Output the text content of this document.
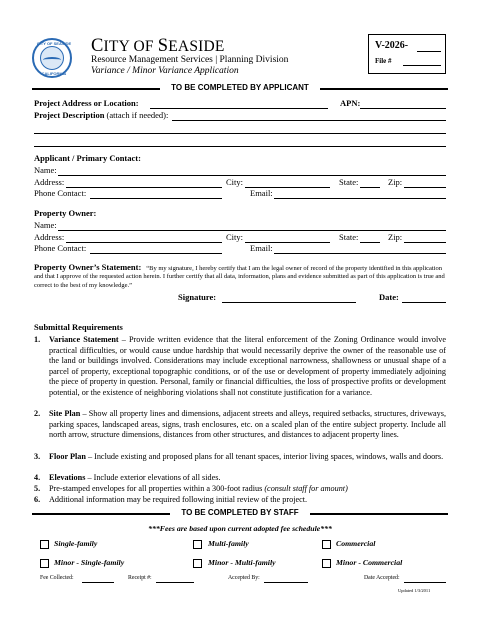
CITY OF SEASIDE
CALIFORNIA
CITY OF SEASIDE
Resource Management Services | Planning Division
Variance / Minor Variance Application
V-2026-
File #
TO BE COMPLETED BY APPLICANT
Project Address or Location:	APN:
Project Description (attach if needed):
Applicant / Primary Contact:
Name:
Address:	City:	State:	Zip:
Phone Contact:	Email:
Property Owner:
Name:
Address:	City:	State:	Zip:
Phone Contact:	Email:
Property Owner’s Statement: “By my signature, I hereby certify that I am the legal owner of record of the property identified in this application and that I approve of the requested action herein. I further certify that all data, information, plans and evidence submitted as part of this application is true and correct to the best of my knowledge.”
Signature:	Date:
Submittal Requirements
1. Variance Statement – Provide written evidence that the literal enforcement of the Zoning Ordinance would involve practical difficulties, or would cause undue hardship that would necessarily deprive the owner of the reasonable use of the land or buildings involved. Considerations may include exceptional narrowness, shallowness or unusual shape of a parcel of property, exceptional topographic conditions, or of the use or development of property immediately adjoining the piece of property in question. Personal, family or financial difficulties, the loss of prospective profits or development potential, or the existence of neighboring violations shall not constitute justification for a variance.
2. Site Plan – Show all property lines and dimensions, adjacent streets and alleys, required setbacks, structures, driveways, parking spaces, landscaped areas, signs, trash enclosures, etc. on a scaled plan of the entire subject property. Include all north arrow, structure dimensions, distances from other structures, and distances to adjacent property lines.
3. Floor Plan – Include existing and proposed plans for all tenant spaces, interior living spaces, windows, walls and doors.
4. Elevations – Include exterior elevations of all sides.
5. Pre-stamped envelopes for all properties within a 300-foot radius (consult staff for amount)
6. Additional information may be required following initial review of the project.
TO BE COMPLETED BY STAFF
***Fees are based upon current adopted fee schedule***
Single-family	Multi-family	Commercial
Minor - Single-family	Minor - Multi-family	Minor - Commercial
Fee Collected:	Receipt #:	Accepted By:	Date Accepted:
Updated 1/3/2011
